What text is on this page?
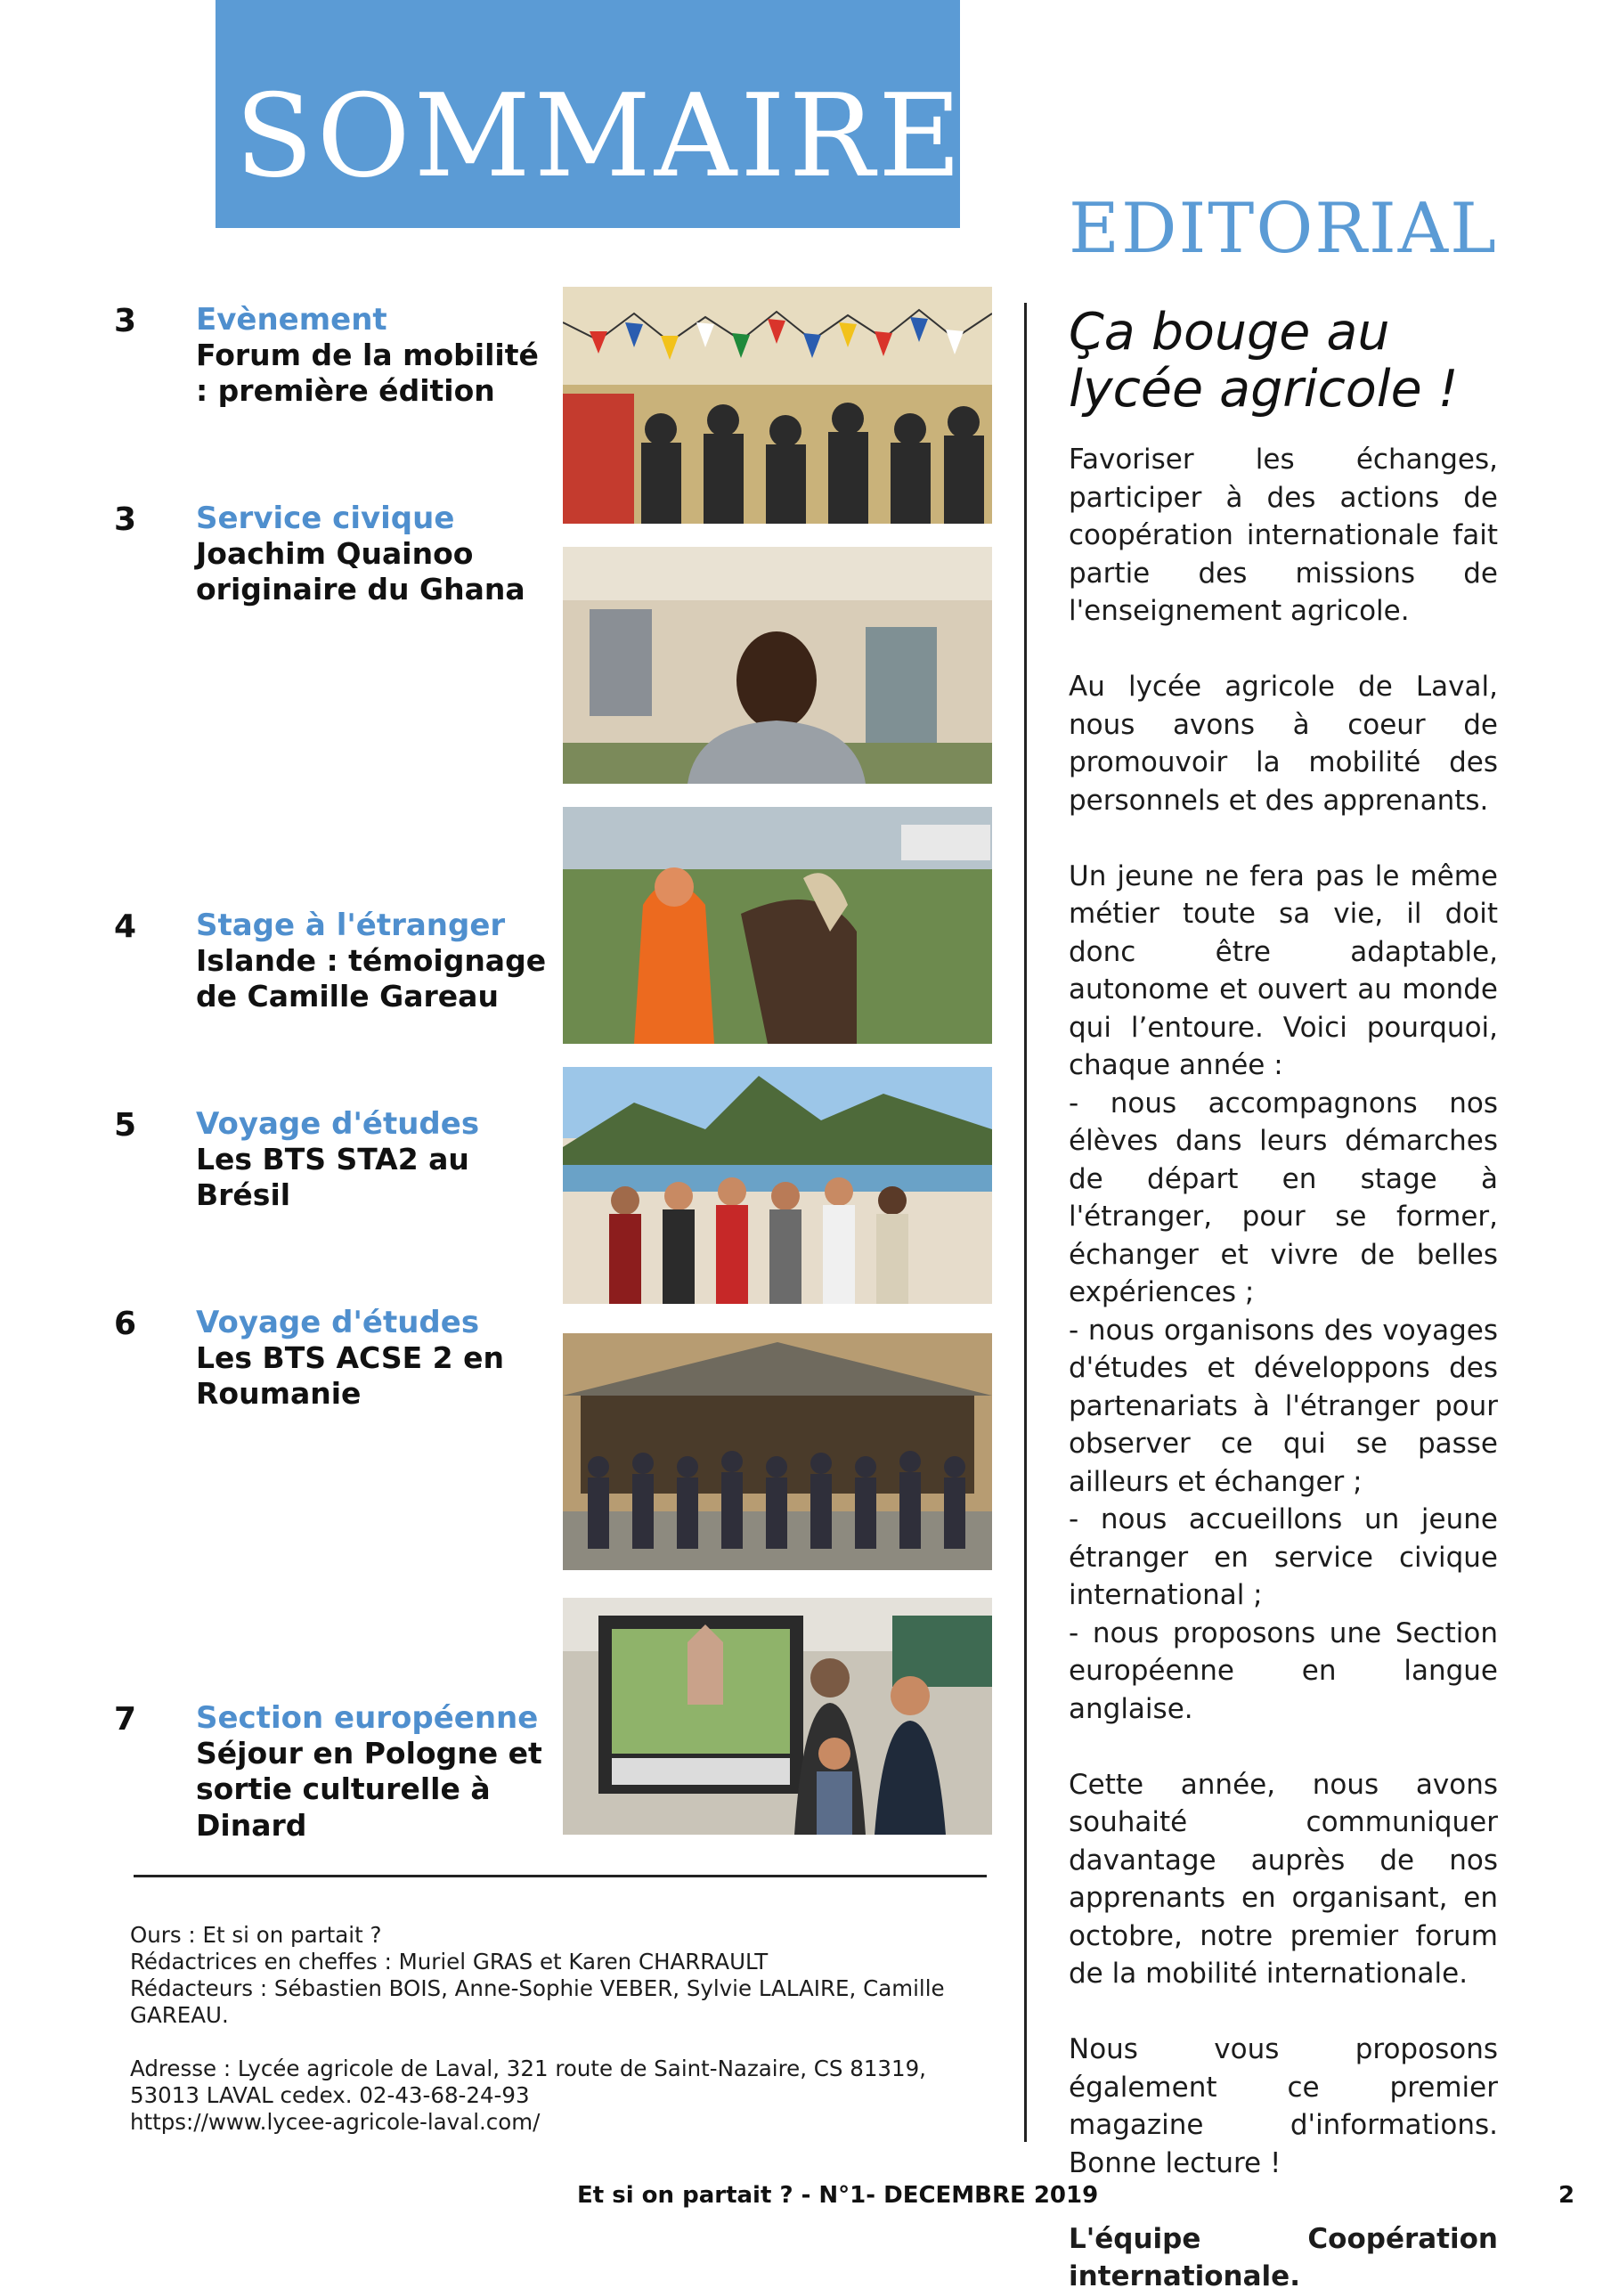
SOMMAIRE
EDITORIAL
3 Evènement
Forum de la mobilité : première édition
3 Service civique
Joachim Quainoo originaire du Ghana
4 Stage à l'étranger
Islande : témoignage de Camille Gareau
5 Voyage d'études
Les BTS STA2 au Brésil
6 Voyage d'études
Les BTS ACSE 2 en Roumanie
7 Section européenne
Séjour en Pologne et sortie culturelle à Dinard
Ça bouge au lycée agricole !

Favoriser les échanges, participer à des actions de coopération internationale fait partie des missions de l'enseignement agricole.

Au lycée agricole de Laval, nous avons à coeur de promouvoir la mobilité des personnels et des apprenants.

Un jeune ne fera pas le même métier toute sa vie, il doit donc être adaptable, autonome et ouvert au monde qui l’entoure. Voici pourquoi, chaque année :

- nous accompagnons nos élèves dans leurs démarches de départ en stage à l'étranger, pour se former, échanger et vivre de belles expériences ;

- nous organisons des voyages d'études et développons des partenariats à l'étranger pour observer ce qui se passe ailleurs et échanger ;

- nous accueillons un jeune étranger en service civique international ;

- nous proposons une Section européenne en langue anglaise.

Cette année, nous avons souhaité communiquer davantage auprès de nos apprenants en organisant, en octobre, notre premier forum de la mobilité internationale.

Nous vous proposons également ce premier magazine d'informations. Bonne lecture !

L'équipe Coopération internationale.

Ours : Et si on partait ?

Rédactrices en cheffes : Muriel GRAS et Karen CHARRAULT

Rédacteurs : Sébastien BOIS, Anne-Sophie VEBER, Sylvie LALAIRE, Camille GAREAU.

Adresse : Lycée agricole de Laval, 321 route de Saint-Nazaire, CS 81319, 53013 LAVAL cedex. 02-43-68-24-93

https://www.lycee-agricole-laval.com/

Et si on partait ? - N°1- DECEMBRE 2019	2
